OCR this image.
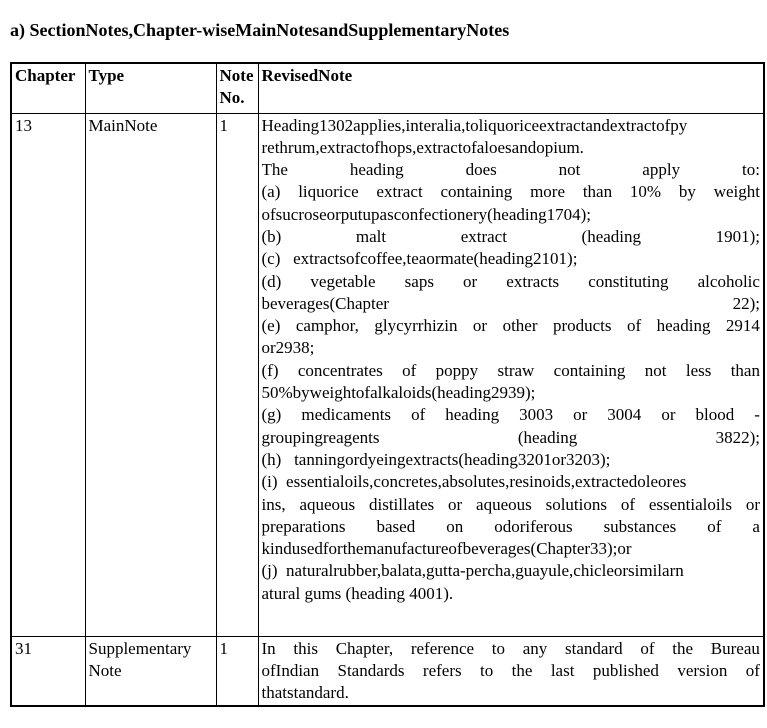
a) SectionNotes,Chapter-wiseMainNotesandSupplementaryNotes
Chapter	Type	Note No.	RevisedNote
13	MainNote	1	Heading1302applies,interalia,toliquoriceextractandextractofpy
rethrum,extractofhops,extractofaloesandopium.
The	heading	does	not	apply	to:
(a) liquorice extract containing more than 10% by weight
ofsucroseorputupasconfectionery(heading1704);
(b)	malt	extract	(heading	1901);
(c)   extractsofcoffee,teaormate(heading2101);
(d) vegetable saps or extracts constituting alcoholic
beverages(Chapter	22);
(e) camphor, glycyrrhizin or other products of heading 2914
or2938;
(f) concentrates of poppy straw containing not less than
50%byweightofalkaloids(heading2939);
(g) medicaments of heading 3003 or 3004 or blood -
groupingreagents	(heading	3822);
(h)   tanningordyeingextracts(heading3201or3203);
(i)  essentialoils,concretes,absolutes,resinoids,extractedoleores
ins, aqueous distillates or aqueous solutions of essentialoils or
preparations based on odoriferous substances of a
kindusedforthemanufactureofbeverages(Chapter33);or
(j)  naturalrubber,balata,gutta-percha,guayule,chicleorsimilarn
atural gums (heading 4001).

31	Supplementary Note	1	In this Chapter, reference to any standard of the Bureau
ofIndian Standards refers to the last published version of
thatstandard.
